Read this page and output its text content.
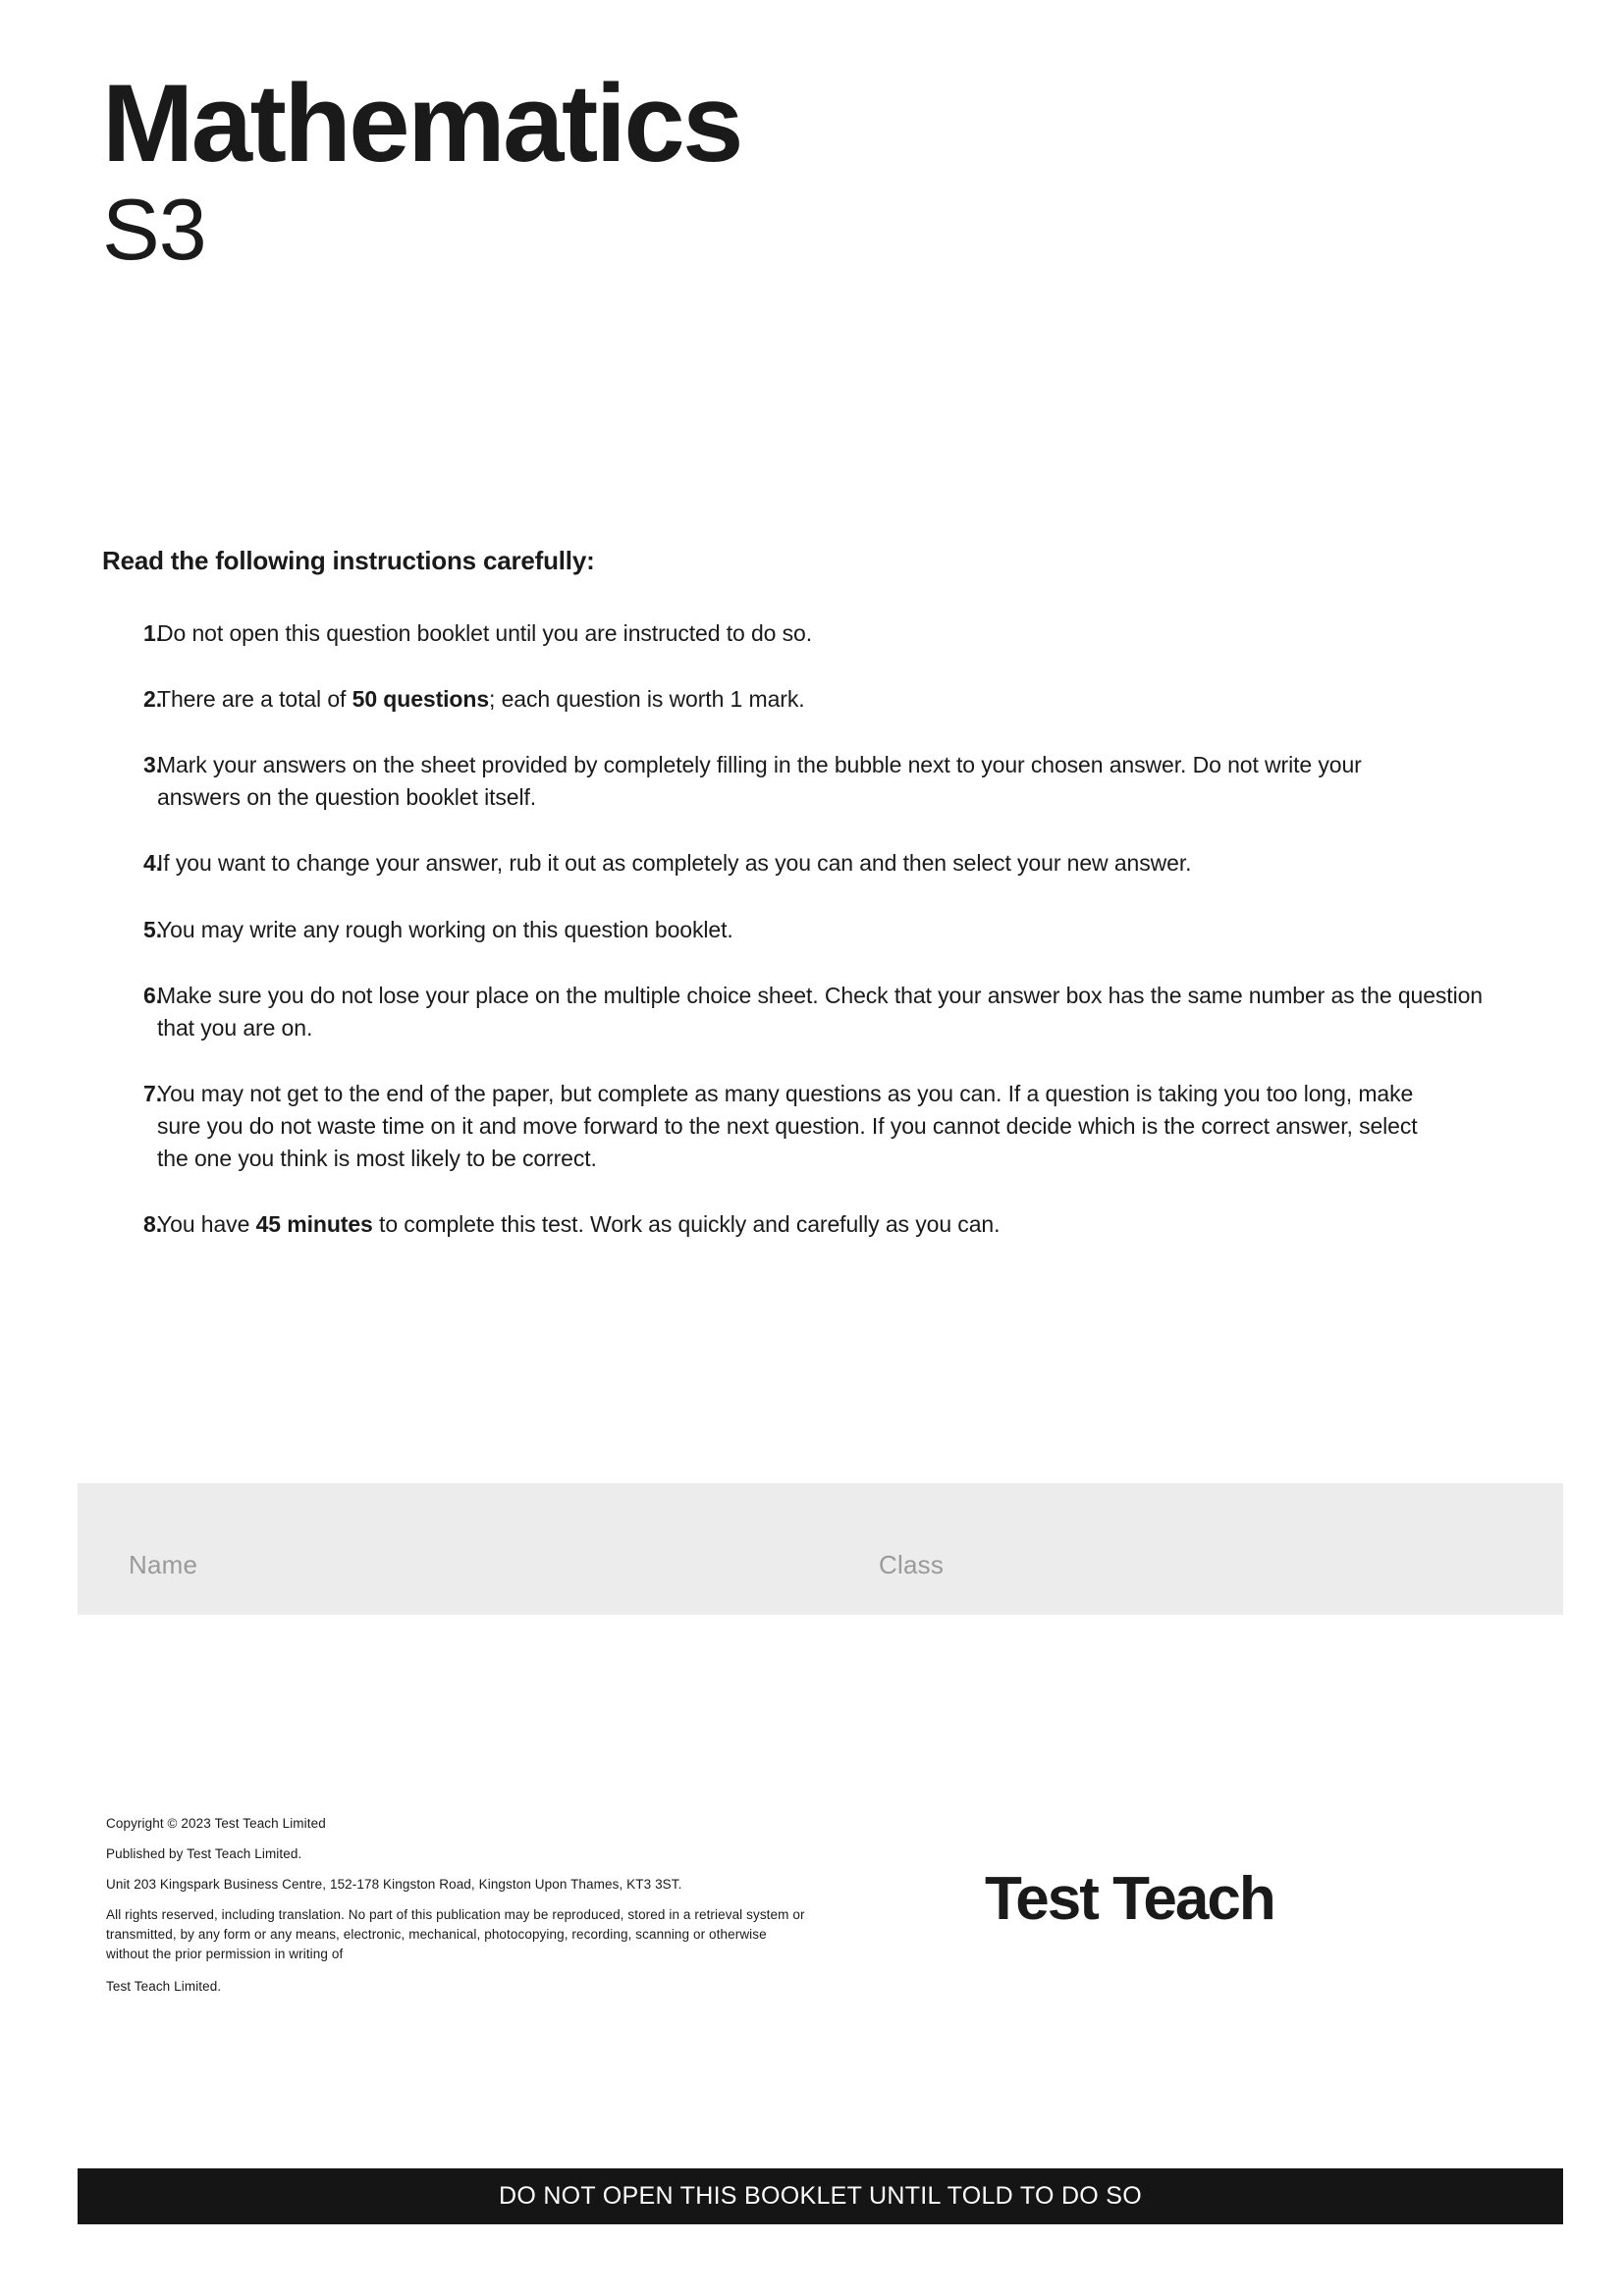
Mathematics
S3
Read the following instructions carefully:
1.
Do not open this question booklet until you are instructed to do so.
2.
There are a total of 50 questions; each question is worth 1 mark.
3.
Mark your answers on the sheet provided by completely filling in the bubble next to your chosen answer. Do not write your answers on the question booklet itself.
4.
If you want to change your answer, rub it out as completely as you can and then select your new answer.
5.
You may write any rough working on this question booklet.
6.
Make sure you do not lose your place on the multiple choice sheet. Check that your answer box has the same number as the question that you are on.
7.
You may not get to the end of the paper, but complete as many questions as you can. If a question is taking you too long, make sure you do not waste time on it and move forward to the next question. If you cannot decide which is the correct answer, select the one you think is most likely to be correct.
8.
You have 45 minutes to complete this test. Work as quickly and carefully as you can.
Name	Class

Copyright © 2023 Test Teach Limited

Published by Test Teach Limited.

Unit 203 Kingspark Business Centre, 152-178 Kingston Road, Kingston Upon Thames, KT3 3ST.

All rights reserved, including translation. No part of this publication may be reproduced, stored in a retrieval system or transmitted, by any form or any means, electronic, mechanical, photocopying, recording, scanning or otherwise without the prior permission in writing of

Test Teach Limited.

Test Teach
DO NOT OPEN THIS BOOKLET UNTIL TOLD TO DO SO
